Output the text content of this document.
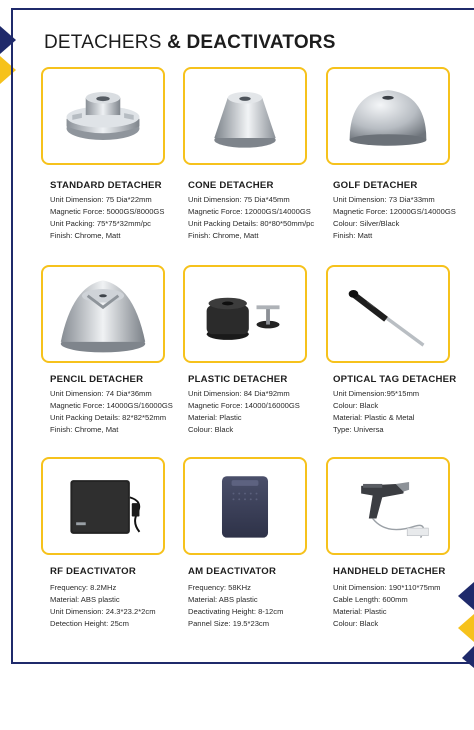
DETACHERS & DEACTIVATORS
STANDARD DETACHER
Unit Dimension: 75 Dia*22mm
Magnetic Force: 5000GS/8000GS
Unit Packing: 75*75*32mm/pc
Finish: Chrome, Matt
CONE DETACHER
Unit Dimension: 75 Dia*45mm
Magnetic Force: 12000GS/14000GS
Unit Packing Details: 80*80*50mm/pc
Finish: Chrome, Matt
GOLF DETACHER
Unit Dimension: 73 Dia*33mm
Magnetic Force: 12000GS/14000GS
Colour: Silver/Black
Finish: Matt
PENCIL DETACHER
Unit Dimension: 74 Dia*36mm
Magnetic Force: 14000GS/16000GS
Unit Packing Details: 82*82*52mm
Finish: Chrome, Mat
PLASTIC DETACHER
Unit Dimension: 84 Dia*92mm
Magnetic Force: 14000/16000GS
Material: Plastic
Colour: Black
OPTICAL TAG DETACHER
Unit Dimension:95*15mm
Colour: Black
Material: Plastic & Metal
Type: Universa
RF DEACTIVATOR
Frequency: 8.2MHz
Material: ABS plastic
Unit Dimension: 24.3*23.2*2cm
Detection Height: 25cm
AM DEACTIVATOR
Frequency: 58KHz
Material: ABS plastic
Deactivating Height: 8-12cm
Pannel Size: 19.5*23cm
HANDHELD DETACHER
Unit Dimension: 190*110*75mm
Cable Length: 600mm
Material: Plastic
Colour: Black
